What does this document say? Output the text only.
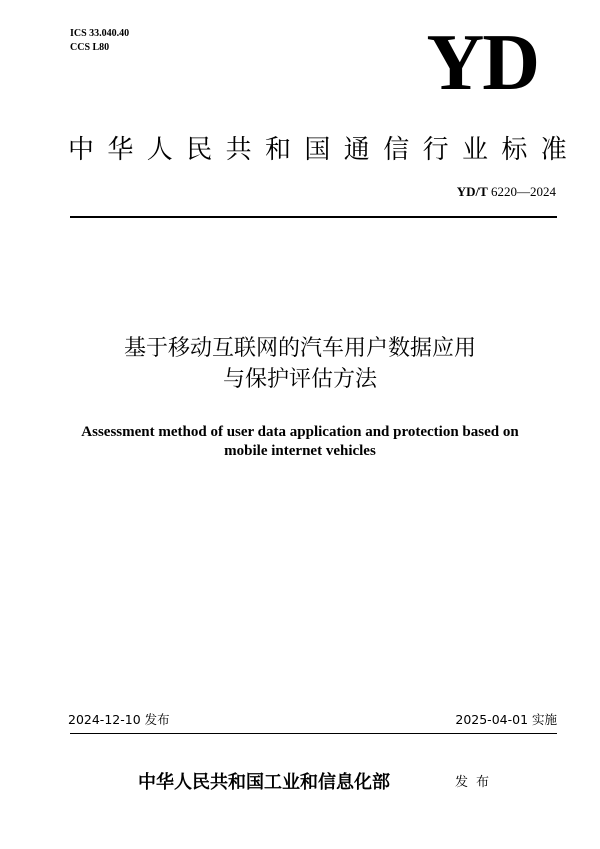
ICS 33.040.40
CCS L80	YD
中华人民共和国通信行业标准
YD/T 6220—2024
基于移动互联网的汽车用户数据应用
与保护评估方法
Assessment method of user data application and protection based on
mobile internet vehicles
2024-12-10 发布	2025-04-01 实施
中华人民共和国工业和信息化部	发布
